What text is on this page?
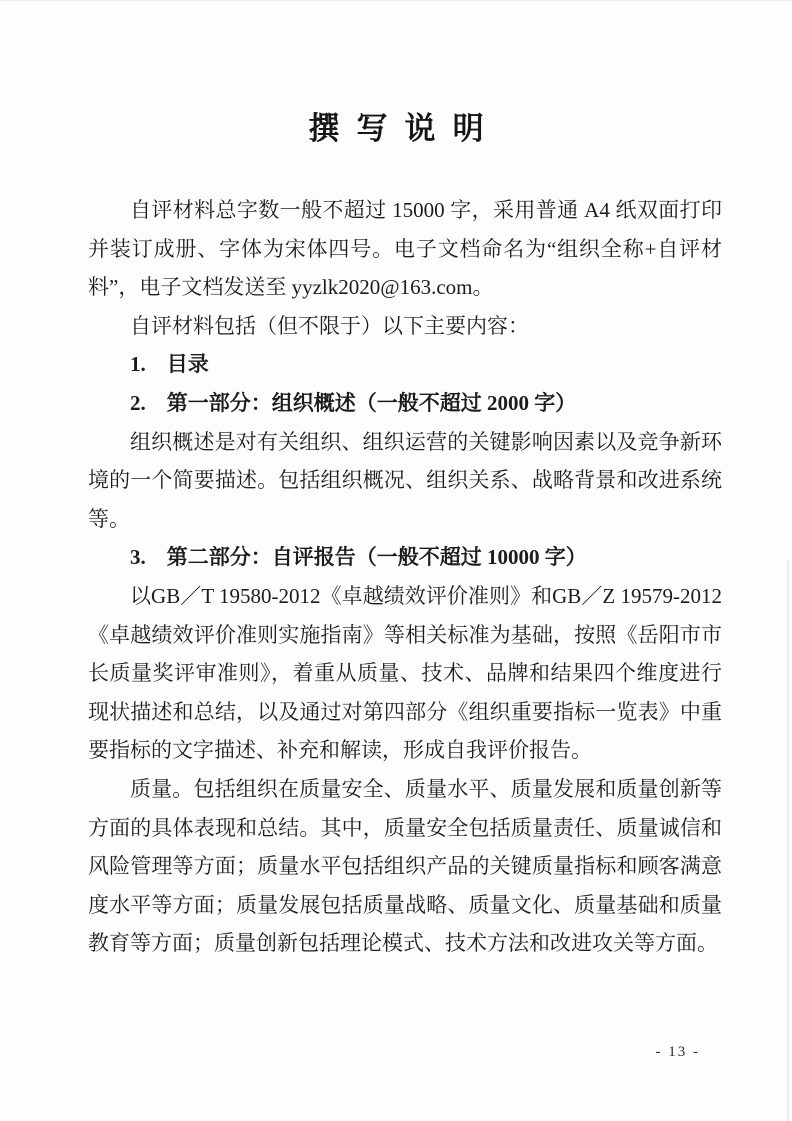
撰写说明

自评材料总字数一般不超过 15000 字，采用普通 A4 纸双面打印并装订成册、字体为宋体四号。电子文档命名为“组织全称+自评材料”，电子文档发送至 yyzlk2020@163.com。

自评材料包括（但不限于）以下主要内容：

1.　目录

2.　第一部分：组织概述（一般不超过 2000 字）

组织概述是对有关组织、组织运营的关键影响因素以及竞争新环境的一个简要描述。包括组织概况、组织关系、战略背景和改进系统等。

3.　第二部分：自评报告（一般不超过 10000 字）

以GB／T 19580-2012《卓越绩效评价准则》和GB／Z 19579-2012《卓越绩效评价准则实施指南》等相关标准为基础，按照《岳阳市市长质量奖评审准则》，着重从质量、技术、品牌和结果四个维度进行现状描述和总结，以及通过对第四部分《组织重要指标一览表》中重要指标的文字描述、补充和解读，形成自我评价报告。

质量。包括组织在质量安全、质量水平、质量发展和质量创新等方面的具体表现和总结。其中，质量安全包括质量责任、质量诚信和风险管理等方面；质量水平包括组织产品的关键质量指标和顾客满意度水平等方面；质量发展包括质量战略、质量文化、质量基础和质量教育等方面；质量创新包括理论模式、技术方法和改进攻关等方面。

- 13 -
